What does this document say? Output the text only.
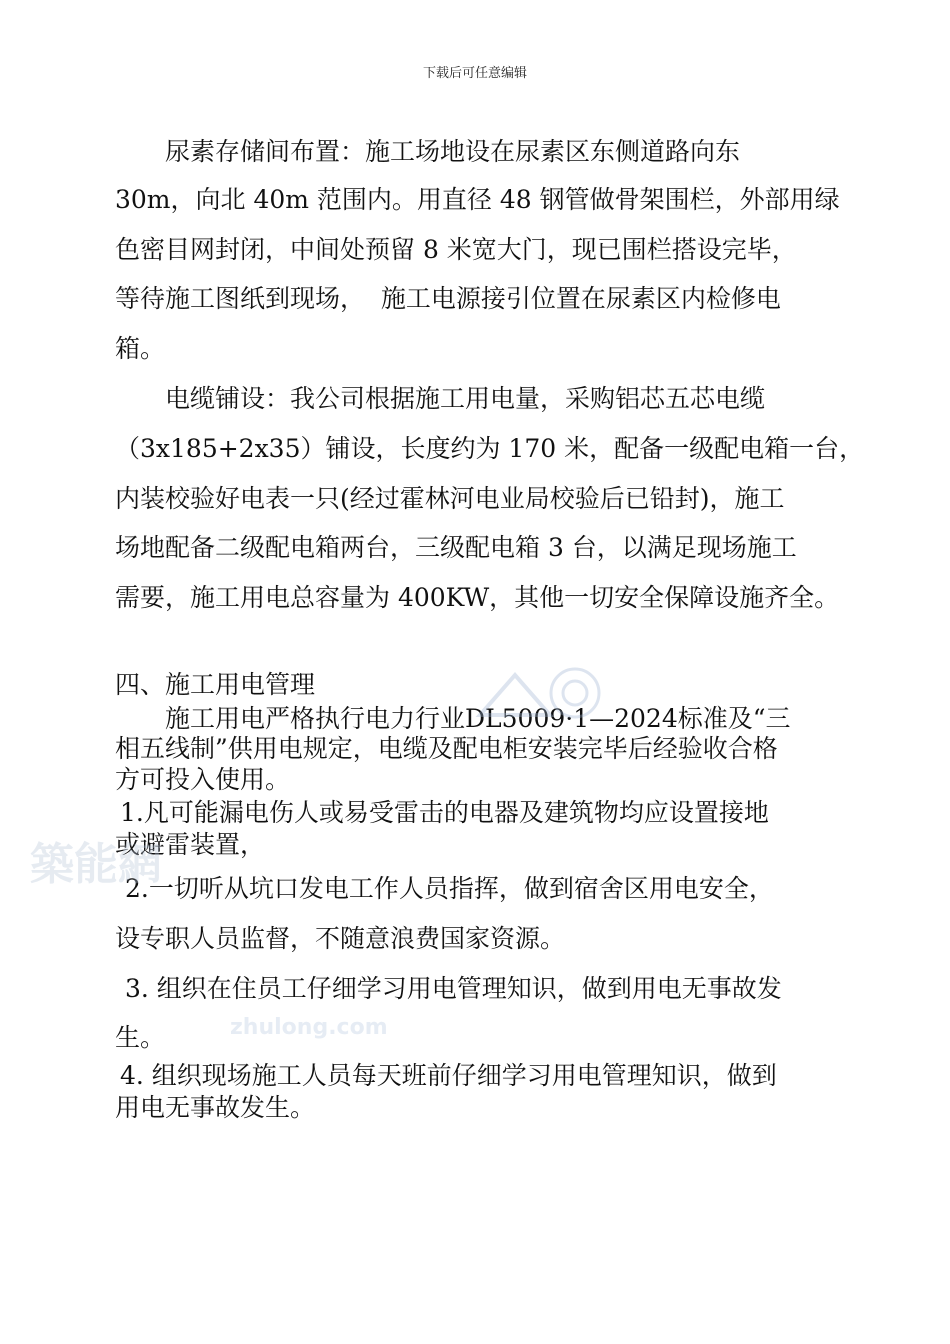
下载后可任意编辑
尿素存储间布置：施工场地设在尿素区东侧道路向东
30m，向北 40m 范围内。用直径 48 钢管做骨架围栏，外部用绿
色密目网封闭，中间处预留 8 米宽大门，现已围栏搭设完毕，
等待施工图纸到现场，  施工电源接引位置在尿素区内检修电
箱。
电缆铺设：我公司根据施工用电量，采购铝芯五芯电缆
（3x185+2x35）铺设，长度约为 170 米，配备一级配电箱一台，
内装校验好电表一只(经过霍林河电业局校验后已铅封)，施工
场地配备二级配电箱两台，三级配电箱 3 台，以满足现场施工
需要，施工用电总容量为 400KW，其他一切安全保障设施齐全。
四、施工用电管理
施工用电严格执行电力行业DL5009·1—2024标准及“三
相五线制”供用电规定，电缆及配电柜安装完毕后经验收合格
方可投入使用。
1.凡可能漏电伤人或易受雷击的电器及建筑物均应设置接地
或避雷装置，
2.一切听从坑口发电工作人员指挥，做到宿舍区用电安全，
设专职人员监督，不随意浪费国家资源。
3. 组织在住员工仔细学习用电管理知识，做到用电无事故发
生。
4. 组织现场施工人员每天班前仔细学习用电管理知识，做到
用电无事故发生。
築能網
zhulong.com
